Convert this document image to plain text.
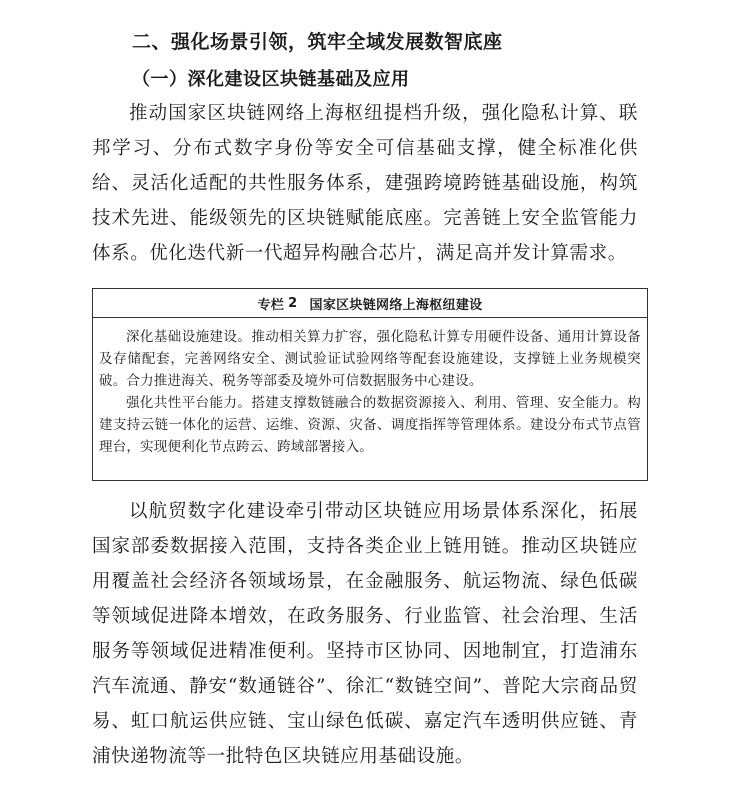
二、强化场景引领，筑牢全域发展数智底座
（一）深化建设区块链基础及应用

推动国家区块链网络上海枢纽提档升级，强化隐私计算、联邦学习、分布式数字身份等安全可信基础支撑，健全标准化供给、灵活化适配的共性服务体系，建强跨境跨链基础设施，构筑技术先进、能级领先的区块链赋能底座。完善链上安全监管能力体系。优化迭代新一代超异构融合芯片，满足高并发计算需求。

专栏 2 国家区块链网络上海枢纽建设

深化基础设施建设。推动相关算力扩容，强化隐私计算专用硬件设备、通用计算设备及存储配套，完善网络安全、测试验证试验网络等配套设施建设，支撑链上业务规模突破。合力推进海关、税务等部委及境外可信数据服务中心建设。

强化共性平台能力。搭建支撑数链融合的数据资源接入、利用、管理、安全能力。构建支持云链一体化的运营、运维、资源、灾备、调度指挥等管理体系。建设分布式节点管理台，实现便利化节点跨云、跨域部署接入。

以航贸数字化建设牵引带动区块链应用场景体系深化，拓展国家部委数据接入范围，支持各类企业上链用链。推动区块链应用覆盖社会经济各领域场景，在金融服务、航运物流、绿色低碳等领域促进降本增效，在政务服务、行业监管、社会治理、生活服务等领域促进精准便利。坚持市区协同、因地制宜，打造浦东汽车流通、静安“数通链谷”、徐汇“数链空间”、普陀大宗商品贸易、虹口航运供应链、宝山绿色低碳、嘉定汽车透明供应链、青浦快递物流等一批特色区块链应用基础设施。
